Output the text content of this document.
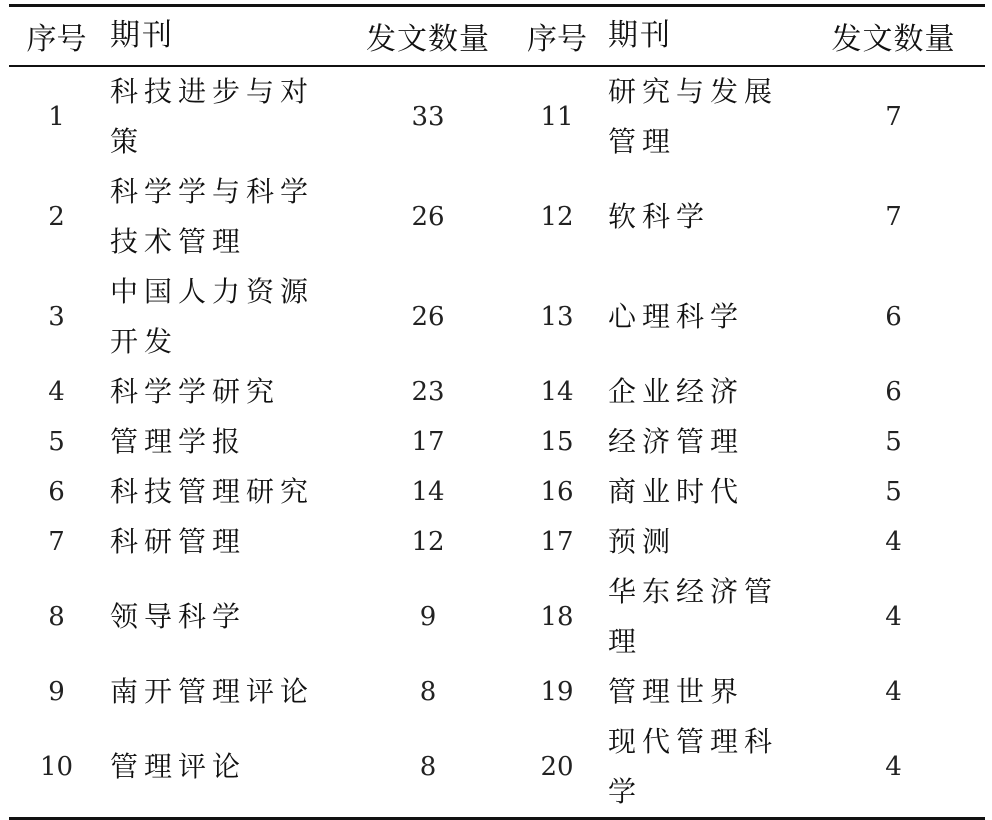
序号	期刊	发文数量	序号	期刊	发文数量
1	科技进步与对策	33	11	研究与发展管理	7
2	科学学与科学技术管理	26	12	软科学	7
3	中国人力资源开发	26	13	心理科学	6
4	科学学研究	23	14	企业经济	6
5	管理学报	17	15	经济管理	5
6	科技管理研究	14	16	商业时代	5
7	科研管理	12	17	预测	4
8	领导科学	9	18	华东经济管理	4
9	南开管理评论	8	19	管理世界	4
10	管理评论	8	20	现代管理科学	4
